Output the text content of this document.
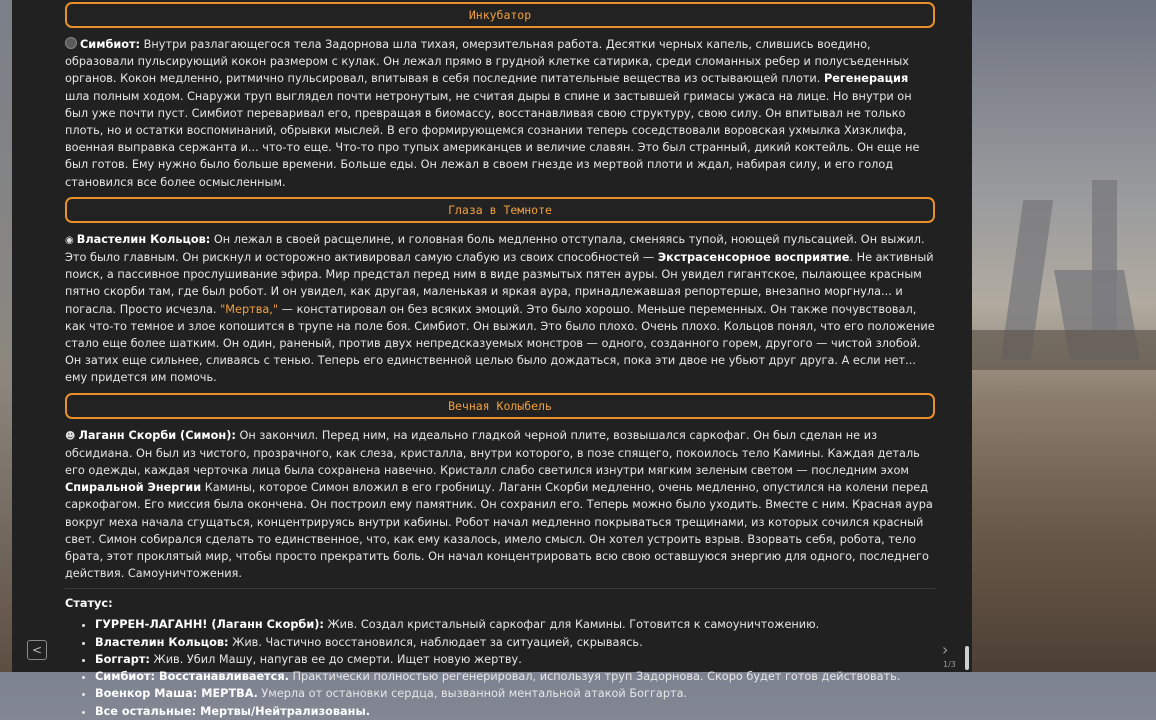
Инкубатор

Симбиот: Внутри разлагающегося тела Задорнова шла тихая, омерзительная работа. Десятки черных капель, слившись воедино, образовали пульсирующий кокон размером с кулак. Он лежал прямо в грудной клетке сатирика, среди сломанных ребер и полусъеденных органов. Кокон медленно, ритмично пульсировал, впитывая в себя последние питательные вещества из остывающей плоти. Регенерация шла полным ходом. Снаружи труп выглядел почти нетронутым, не считая дыры в спине и застывшей гримасы ужаса на лице. Но внутри он был уже почти пуст. Симбиот переваривал его, превращая в биомассу, восстанавливая свою структуру, свою силу. Он впитывал не только плоть, но и остатки воспоминаний, обрывки мыслей. В его формирующемся сознании теперь соседствовали воровская ухмылка Хизклифа, военная выправка сержанта и... что-то еще. Что-то про тупых американцев и величие славян. Это был странный, дикий коктейль. Он еще не был готов. Ему нужно было больше времени. Больше еды. Он лежал в своем гнезде из мертвой плоти и ждал, набирая силу, и его голод становился все более осмысленным.

Глаза в Темноте

◉ Властелин Кольцов: Он лежал в своей расщелине, и головная боль медленно отступала, сменяясь тупой, ноющей пульсацией. Он выжил. Это было главным. Он рискнул и осторожно активировал самую слабую из своих способностей — Экстрасенсорное восприятие. Не активный поиск, а пассивное прослушивание эфира. Мир предстал перед ним в виде размытых пятен ауры. Он увидел гигантское, пылающее красным пятно скорби там, где был робот. И он увидел, как другая, маленькая и яркая аура, принадлежавшая репортерше, внезапно моргнула... и погасла. Просто исчезла. "Мертва," — констатировал он без всяких эмоций. Это было хорошо. Меньше переменных. Он также почувствовал, как что-то темное и злое копошится в трупе на поле боя. Симбиот. Он выжил. Это было плохо. Очень плохо. Кольцов понял, что его положение стало еще более шатким. Он один, раненый, против двух непредсказуемых монстров — одного, созданного горем, другого — чистой злобой. Он затих еще сильнее, сливаясь с тенью. Теперь его единственной целью было дождаться, пока эти двое не убьют друг друга. А если нет... ему придется им помочь.

Вечная Колыбель

☻ Лаганн Скорби (Симон): Он закончил. Перед ним, на идеально гладкой черной плите, возвышался саркофаг. Он был сделан не из обсидиана. Он был из чистого, прозрачного, как слеза, кристалла, внутри которого, в позе спящего, покоилось тело Камины. Каждая деталь его одежды, каждая черточка лица была сохранена навечно. Кристалл слабо светился изнутри мягким зеленым светом — последним эхом Спиральной Энергии Камины, которое Симон вложил в его гробницу. Лаганн Скорби медленно, очень медленно, опустился на колени перед саркофагом. Его миссия была окончена. Он построил ему памятник. Он сохранил его. Теперь можно было уходить. Вместе с ним. Красная аура вокруг меха начала сгущаться, концентрируясь внутри кабины. Робот начал медленно покрываться трещинами, из которых сочился красный свет. Симон собирался сделать то единственное, что, как ему казалось, имело смысл. Он хотел устроить взрыв. Взорвать себя, робота, тело брата, этот проклятый мир, чтобы просто прекратить боль. Он начал концентрировать всю свою оставшуюся энергию для одного, последнего действия. Самоуничтожения.

Статус:
• ГУРРЕН-ЛАГАНН! (Лаганн Скорби): Жив. Создал кристальный саркофаг для Камины. Готовится к самоуничтожению.
• Властелин Кольцов: Жив. Частично восстановился, наблюдает за ситуацией, скрываясь.
• Боггарт: Жив. Убил Машу, напугав ее до смерти. Ищет новую жертву.
• Симбиот: Восстанавливается. Практически полностью регенерировал, используя труп Задорнова. Скоро будет готов действовать.
• Военкор Маша: МЕРТВА. Умерла от остановки сердца, вызванной ментальной атакой Боггарта.
• Все остальные: Мертвы/Нейтрализованы.
<	›
1/3
